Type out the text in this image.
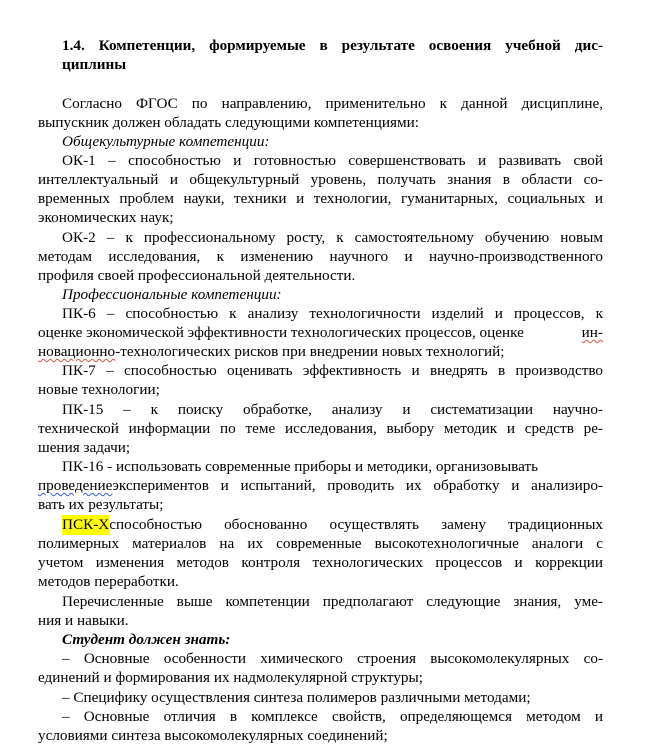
1.4. Компетенции, формируемые в результате освоения учебной дис-
циплины
Согласно ФГОС по направлению, применительно к данной дисциплине,
выпускник должен обладать следующими компетенциями:
Общекультурные компетенции:
ОК-1 – способностью и готовностью совершенствовать и развивать свой
интеллектуальный и общекультурный уровень, получать знания в области со-
временных проблем науки, техники и технологии, гуманитарных, социальных и
экономических наук;
ОК-2 – к профессиональному росту, к самостоятельному обучению новым
методам исследования, к изменению научного и научно-производственного
профиля своей профессиональной деятельности.
Профессиональные компетенции:
ПК-6 – способностью к анализу технологичности изделий и процессов, к
оценке экономической эффективности технологических процессов, оценке	ин-
новационно-технологических рисков при внедрении новых технологий;
ПК-7 – способностью оценивать эффективность и внедрять в производство
новые технологии;
ПК-15 – к поиску обработке, анализу и систематизации научно-
технической информации по теме исследования, выбору методик и средств ре-
шения задачи;
ПК-16 - использовать современные приборы и методики, организовывать
проведение экспериментов и испытаний, проводить их обработку и анализиро-
вать их результаты;
ПСК-Х способностью обоснованно осуществлять замену традиционных
полимерных материалов на их современные высокотехнологичные аналоги с
учетом изменения методов контроля технологических процессов и коррекции
методов переработки.
Перечисленные выше компетенции предполагают следующие знания, уме-
ния и навыки.
Студент должен знать:
– Основные особенности химического строения высокомолекулярных со-
единений и формирования их надмолекулярной структуры;
– Специфику осуществления синтеза полимеров различными методами;
– Основные отличия в комплексе свойств, определяющемся методом и
условиями синтеза высокомолекулярных соединений;
